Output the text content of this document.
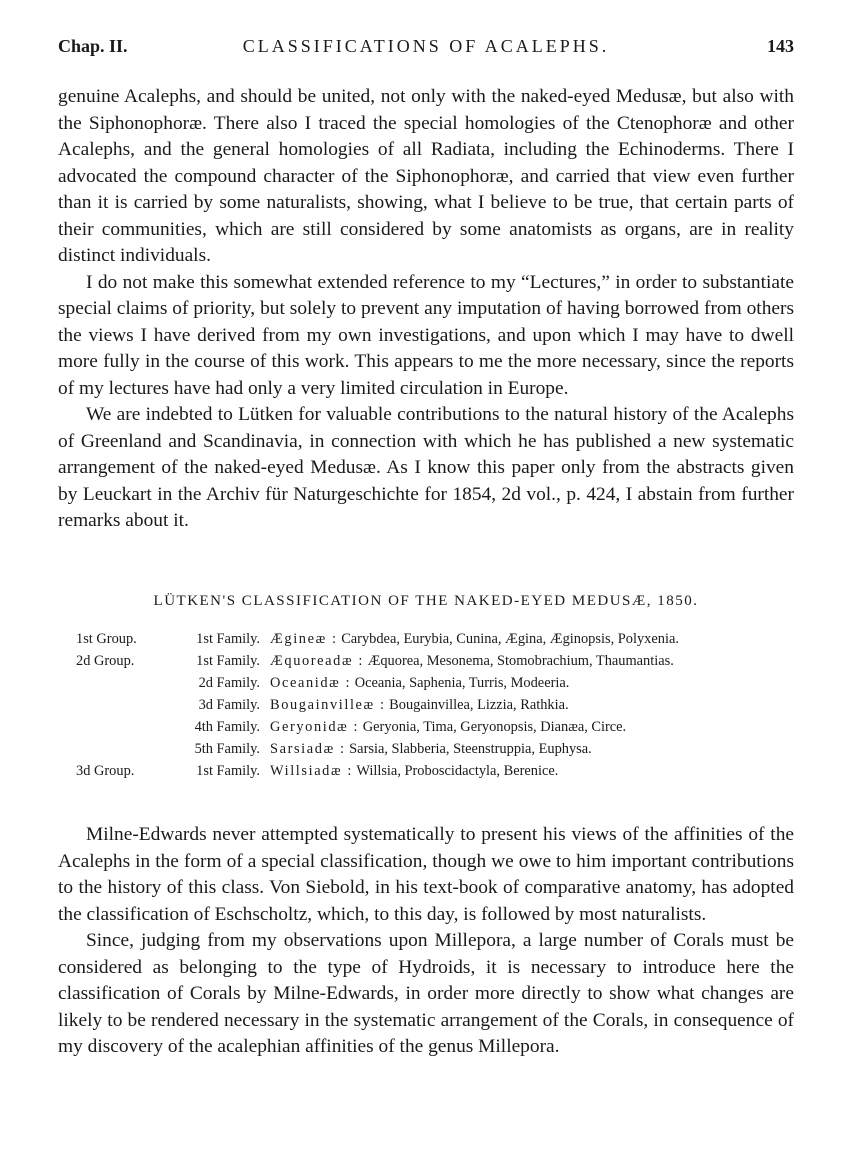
Chap. II.	CLASSIFICATIONS OF ACALEPHS.	143

genuine Acalephs, and should be united, not only with the naked-eyed Medusæ, but also with the Siphonophoræ. There also I traced the special homologies of the Ctenophoræ and other Acalephs, and the general homologies of all Radiata, including the Echinoderms. There I advocated the compound character of the Siphonophoræ, and carried that view even further than it is carried by some naturalists, showing, what I believe to be true, that certain parts of their communities, which are still considered by some anatomists as organs, are in reality distinct individuals.

I do not make this somewhat extended reference to my “Lectures,” in order to substantiate special claims of priority, but solely to prevent any imputation of having borrowed from others the views I have derived from my own investigations, and upon which I may have to dwell more fully in the course of this work. This appears to me the more necessary, since the reports of my lectures have had only a very limited circulation in Europe.

We are indebted to Lütken for valuable contributions to the natural history of the Acalephs of Greenland and Scandinavia, in connection with which he has published a new systematic arrangement of the naked-eyed Medusæ. As I know this paper only from the abstracts given by Leuckart in the Archiv für Naturgeschichte for 1854, 2d vol., p. 424, I abstain from further remarks about it.

LÜTKEN'S CLASSIFICATION OF THE NAKED-EYED MEDUSÆ, 1850.
1st Group.	1st Family. Æginеæ : Carybdea, Eurybia, Cunina, Ægina, Æginopsis, Polyxenia.
2d Group.	1st Family. Æquoreadæ : Æquorea, Mesonema, Stomobrachium, Thaumantias.
2d Family. Oceanidæ : Oceania, Saphenia, Turris, Modeeria.
3d Family. Bougainvilleæ : Bougainvillea, Lizzia, Rathkia.
4th Family. Geryonidæ : Geryonia, Tima, Geryonopsis, Dianæa, Circe.
5th Family. Sarsiadæ : Sarsia, Slabberia, Steenstruppia, Euphysa.
3d Group.	1st Family. Willsiadæ : Willsia, Proboscidactyla, Berenice.

Milne-Edwards never attempted systematically to present his views of the affinities of the Acalephs in the form of a special classification, though we owe to him important contributions to the history of this class. Von Siebold, in his text-book of comparative anatomy, has adopted the classification of Eschscholtz, which, to this day, is followed by most naturalists.

Since, judging from my observations upon Millepora, a large number of Corals must be considered as belonging to the type of Hydroids, it is necessary to introduce here the classification of Corals by Milne-Edwards, in order more directly to show what changes are likely to be rendered necessary in the systematic arrangement of the Corals, in consequence of my discovery of the acalephian affinities of the genus Millepora.
